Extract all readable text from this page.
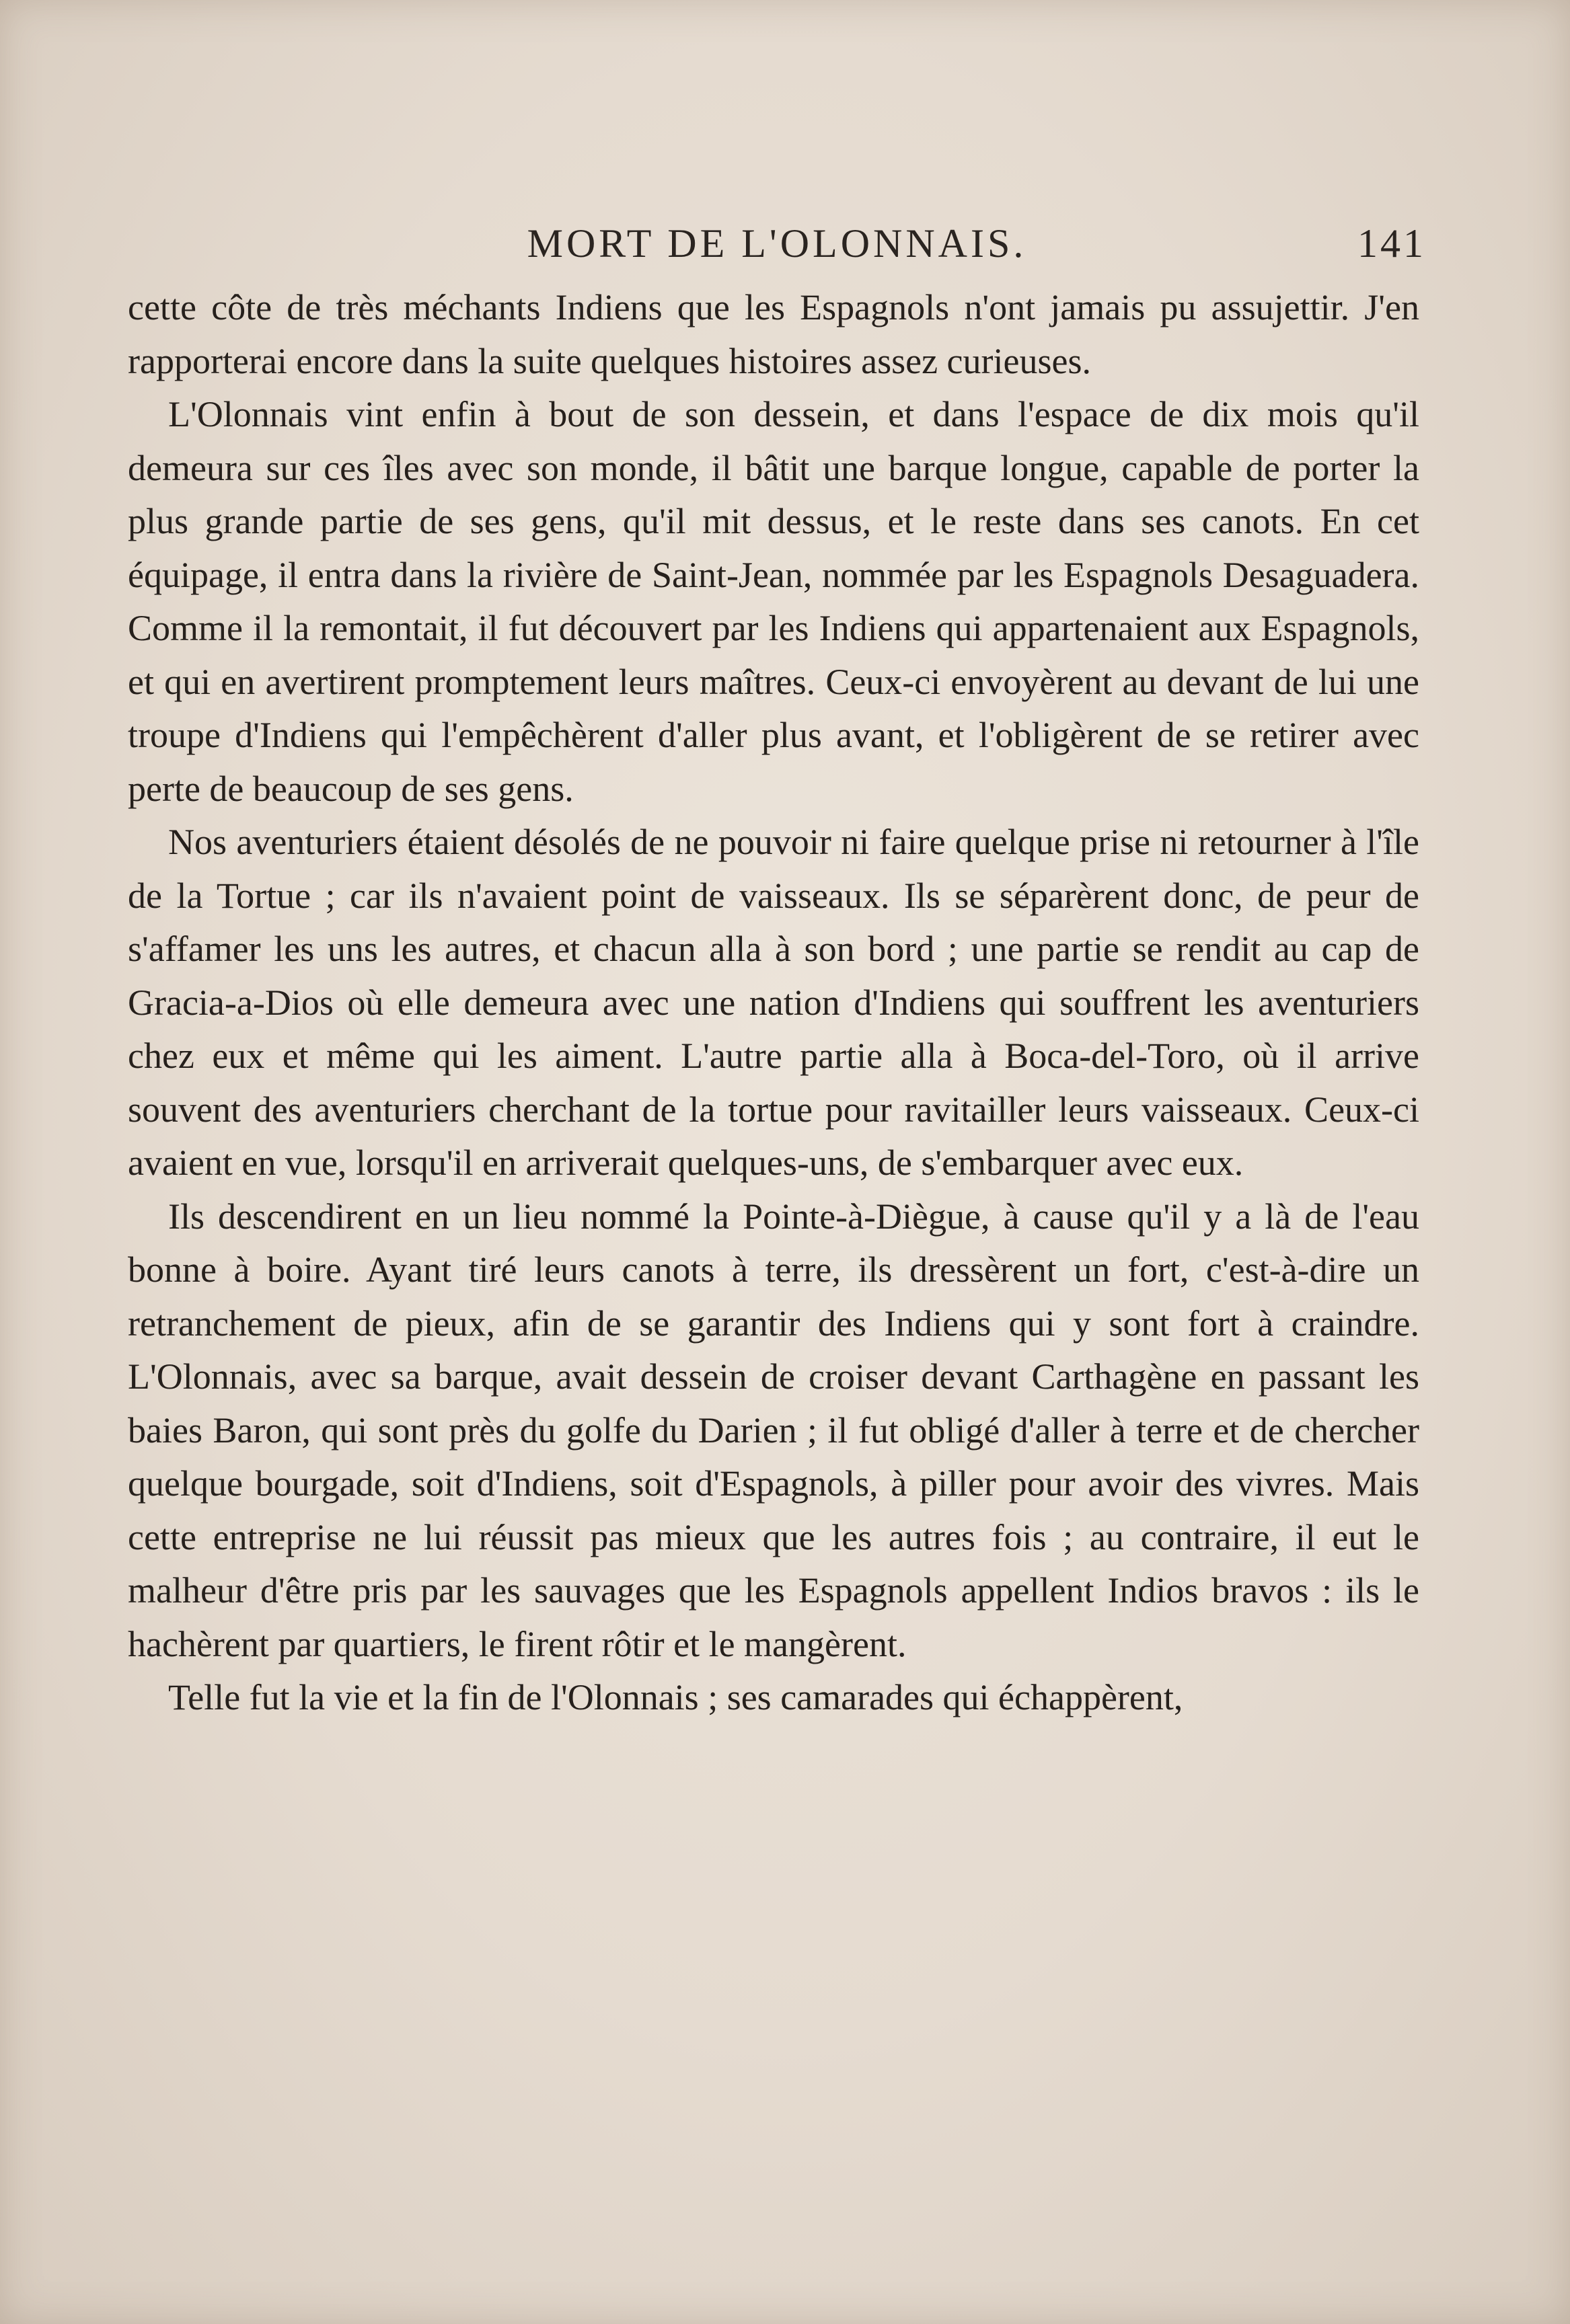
MORT DE L'OLONNAIS.	141

cette côte de très méchants Indiens que les Espagnols n'ont jamais pu assujettir. J'en rapporterai encore dans la suite quelques histoires assez curieuses.

L'Olonnais vint enfin à bout de son dessein, et dans l'espace de dix mois qu'il demeura sur ces îles avec son monde, il bâtit une barque longue, capable de porter la plus grande partie de ses gens, qu'il mit dessus, et le reste dans ses canots. En cet équipage, il entra dans la rivière de Saint-Jean, nommée par les Espagnols Desaguadera. Comme il la remontait, il fut découvert par les Indiens qui appartenaient aux Espagnols, et qui en avertirent promptement leurs maîtres. Ceux-ci envoyèrent au devant de lui une troupe d'Indiens qui l'empêchèrent d'aller plus avant, et l'obligèrent de se retirer avec perte de beaucoup de ses gens.

Nos aventuriers étaient désolés de ne pouvoir ni faire quelque prise ni retourner à l'île de la Tortue ; car ils n'avaient point de vaisseaux. Ils se séparèrent donc, de peur de s'affamer les uns les autres, et chacun alla à son bord ; une partie se rendit au cap de Gracia-a-Dios où elle demeura avec une nation d'Indiens qui souffrent les aventuriers chez eux et même qui les aiment. L'autre partie alla à Boca-del-Toro, où il arrive souvent des aventuriers cherchant de la tortue pour ravitailler leurs vaisseaux. Ceux-ci avaient en vue, lorsqu'il en arriverait quelques-uns, de s'embarquer avec eux.

Ils descendirent en un lieu nommé la Pointe-à-Diègue, à cause qu'il y a là de l'eau bonne à boire. Ayant tiré leurs canots à terre, ils dressèrent un fort, c'est-à-dire un retranchement de pieux, afin de se garantir des Indiens qui y sont fort à craindre. L'Olonnais, avec sa barque, avait dessein de croiser devant Carthagène en passant les baies Baron, qui sont près du golfe du Darien ; il fut obligé d'aller à terre et de chercher quelque bourgade, soit d'Indiens, soit d'Espagnols, à piller pour avoir des vivres. Mais cette entreprise ne lui réussit pas mieux que les autres fois ; au contraire, il eut le malheur d'être pris par les sauvages que les Espagnols appellent Indios bravos : ils le hachèrent par quartiers, le firent rôtir et le mangèrent.

Telle fut la vie et la fin de l'Olonnais ; ses camarades qui échappèrent,
